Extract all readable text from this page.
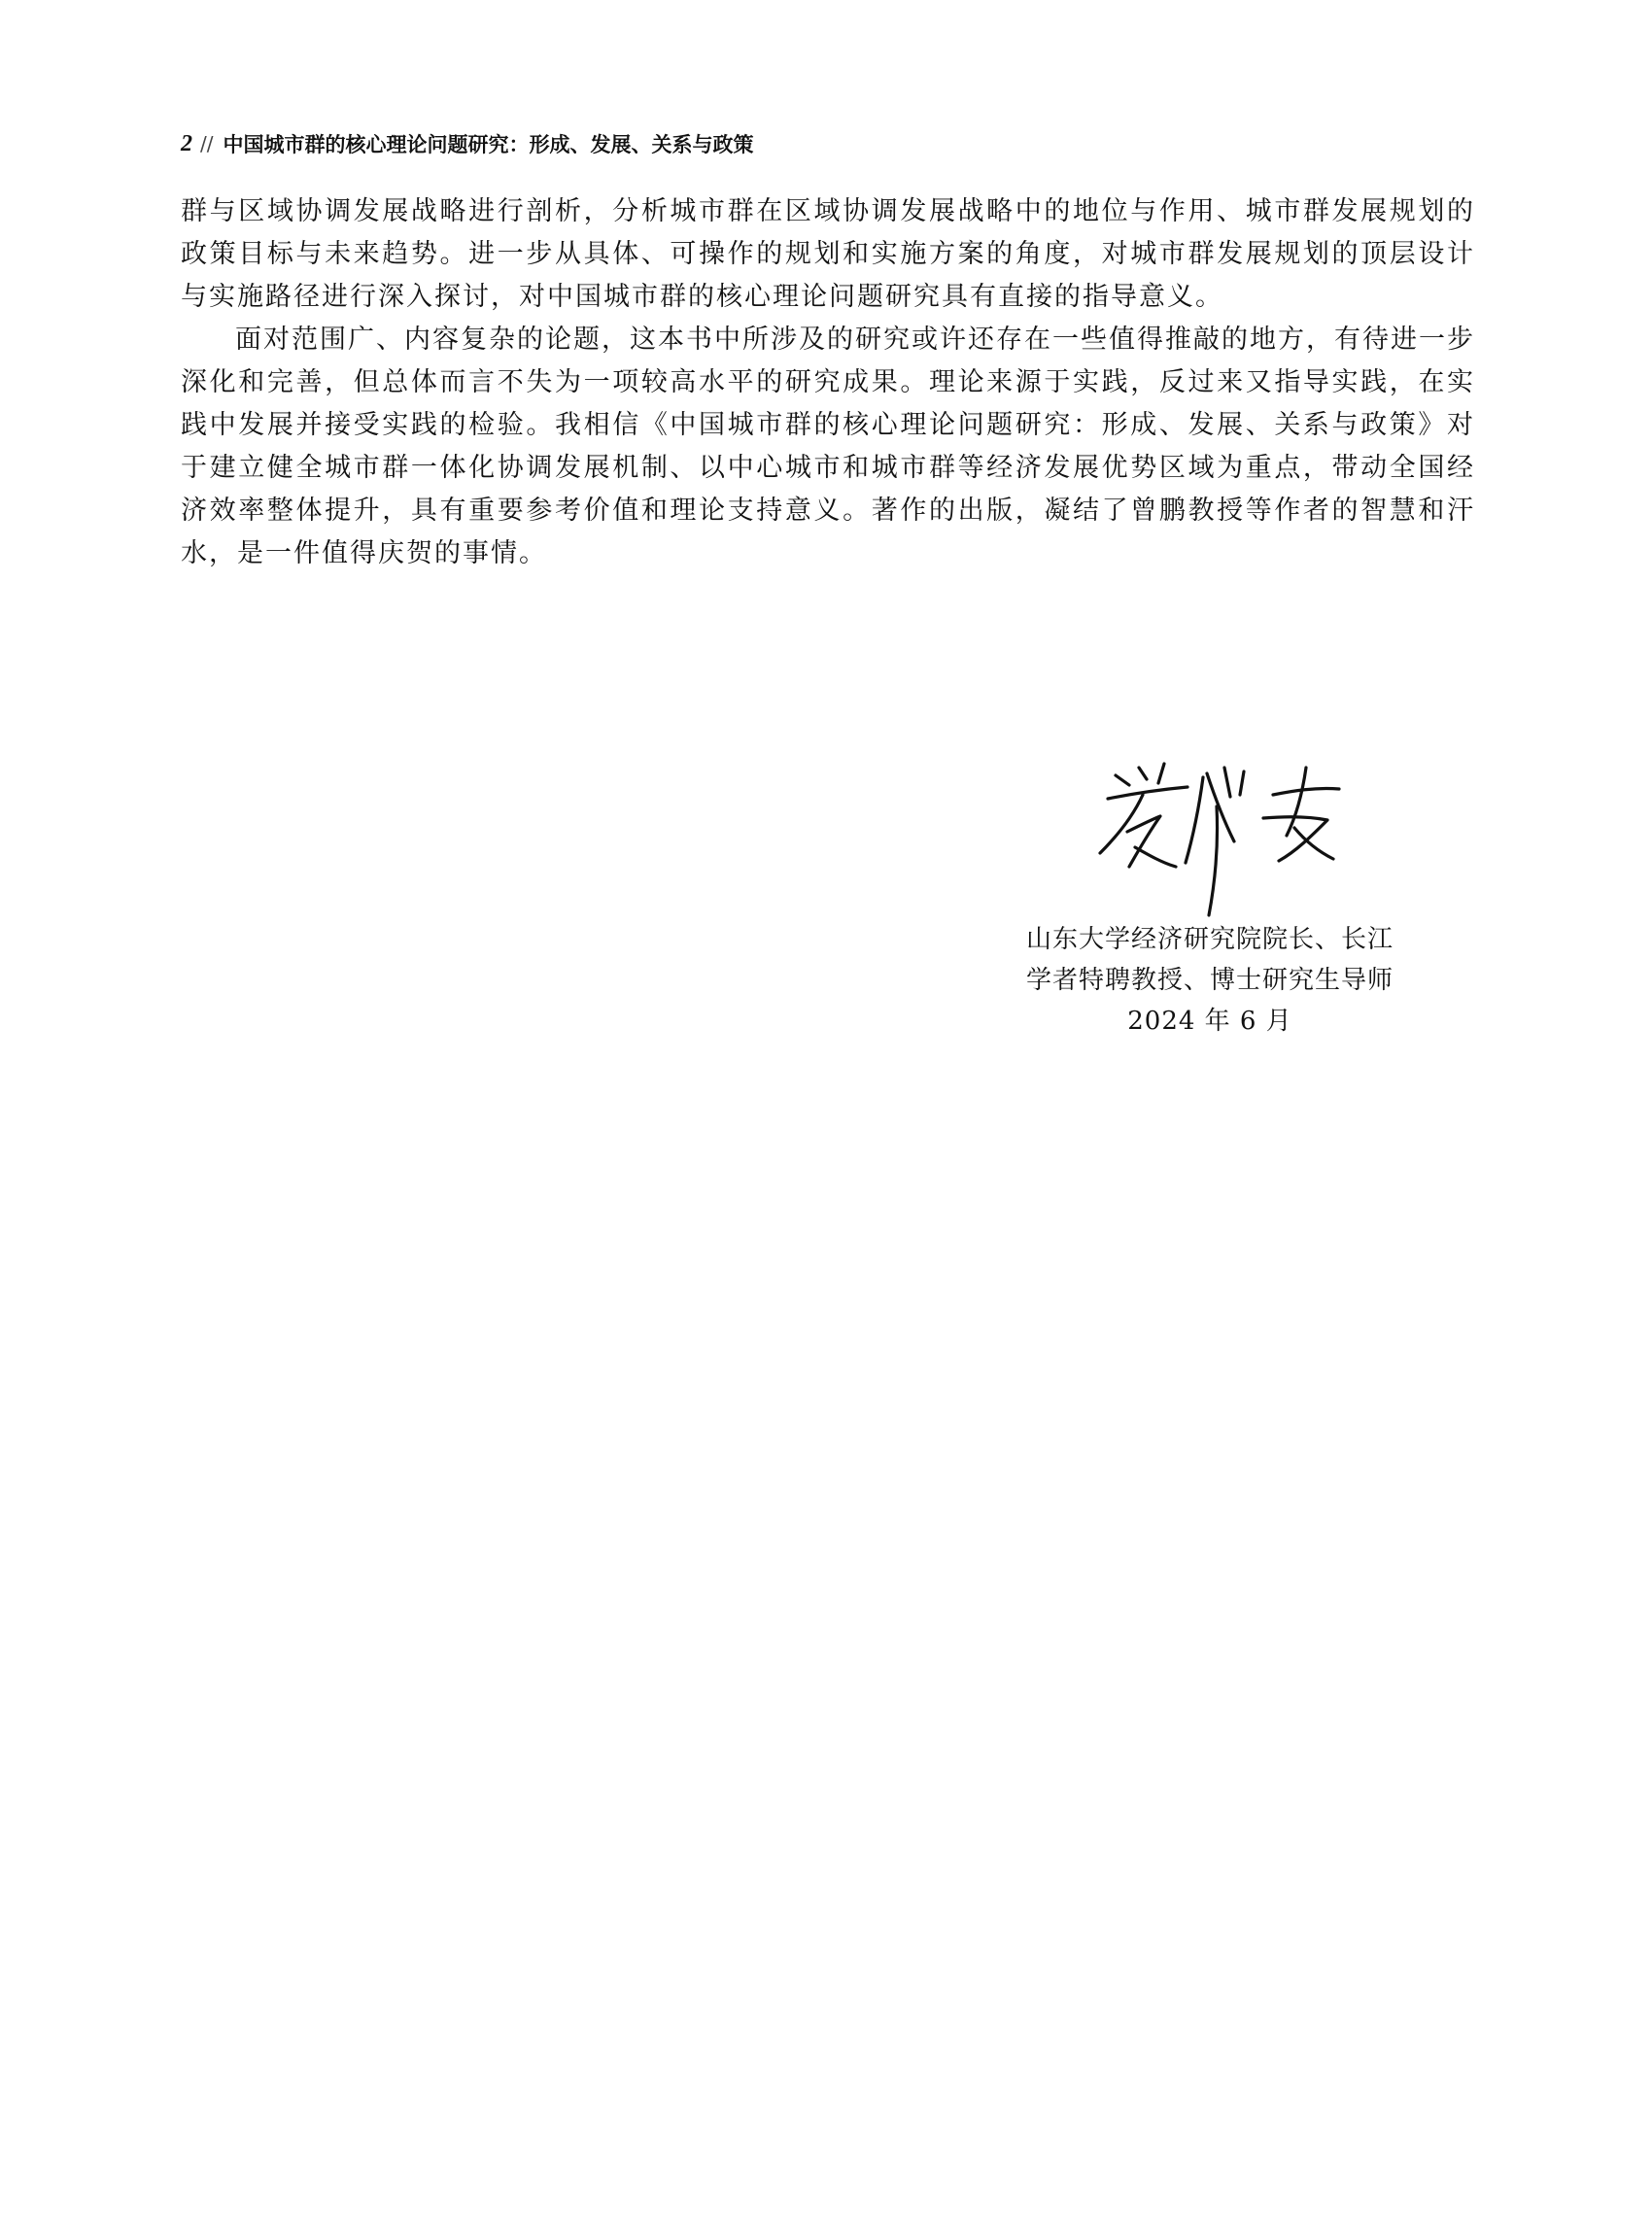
2 // 中国城市群的核心理论问题研究：形成、发展、关系与政策

群与区域协调发展战略进行剖析，分析城市群在区域协调发展战略中的地位与作用、城市群发展规划的政策目标与未来趋势。进一步从具体、可操作的规划和实施方案的角度，对城市群发展规划的顶层设计与实施路径进行深入探讨，对中国城市群的核心理论问题研究具有直接的指导意义。

面对范围广、内容复杂的论题，这本书中所涉及的研究或许还存在一些值得推敲的地方，有待进一步深化和完善，但总体而言不失为一项较高水平的研究成果。理论来源于实践，反过来又指导实践，在实践中发展并接受实践的检验。我相信《中国城市群的核心理论问题研究：形成、发展、关系与政策》对于建立健全城市群一体化协调发展机制、以中心城市和城市群等经济发展优势区域为重点，带动全国经济效率整体提升，具有重要参考价值和理论支持意义。著作的出版，凝结了曾鹏教授等作者的智慧和汗水，是一件值得庆贺的事情。

山东大学经济研究院院长、长江
学者特聘教授、博士研究生导师
2024 年 6 月
